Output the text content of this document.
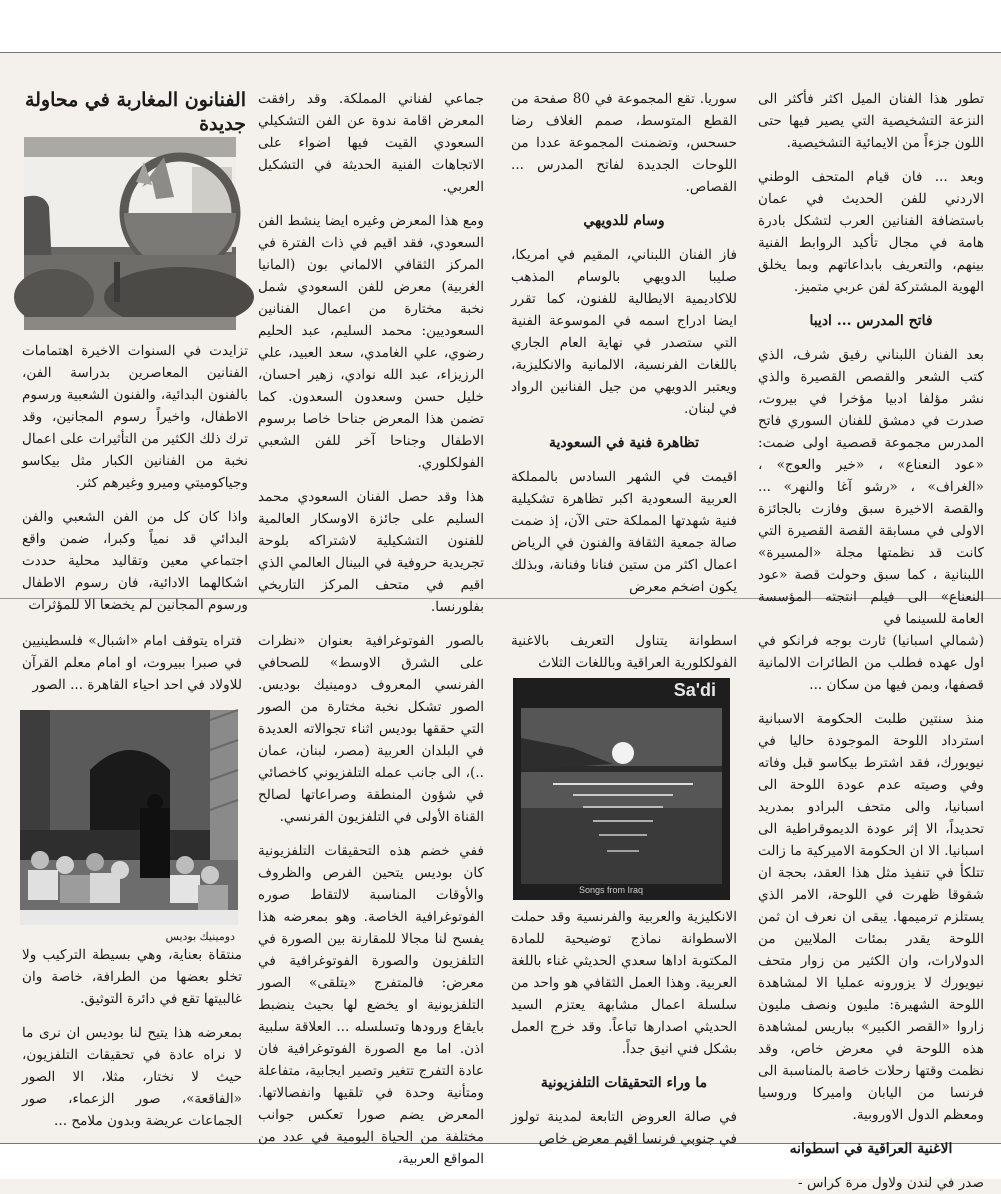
تطور هذا الفنان الميل اكثر فأكثر الى النزعة التشخيصية التي يصير فيها حتى اللون جزءاً من الايمائية التشخيصية.

وبعد ... فان قيام المتحف الوطني الاردني للفن الحديث في عمان باستضافة الفنانين العرب لتشكل بادرة هامة في مجال تأكيد الروابط الفنية بينهم، والتعريف بابداعاتهم وبما يخلق الهوية المشتركة لفن عربي متميز.

فاتح المدرس ... اديبا

بعد الفنان اللبناني رفيق شرف، الذي كتب الشعر والقصص القصيرة والذي نشر مؤلفا ادبيا مؤخرا في بيروت، صدرت في دمشق للفنان السوري فاتح المدرس مجموعة قصصية اولى ضمت: «عود النعناع» ، «خير والعوج» ، «الغراف» ، «رشو آغا والنهر» ... والقصة الاخيرة سبق وفازت بالجائزة الاولى في مسابقة القصة القصيرة التي كانت قد نظمتها مجلة «المسيرة» اللبنانية ، كما سبق وحولت قصة «عود النعناع» الى فيلم انتجته المؤسسة العامة للسينما في

سوريا. تقع المجموعة في 80 صفحة من القطع المتوسط، صمم الغلاف رضا حسحس، وتضمنت المجموعة عددا من اللوحات الجديدة لفاتح المدرس ... القصاص.

وسام للدويهي

فاز الفنان اللبناني، المقيم في امريكا، صليبا الدويهي بالوسام المذهب للاكاديمية الايطالية للفنون، كما تقرر ايضا ادراج اسمه في الموسوعة الفنية التي ستصدر في نهاية العام الجاري باللغات الفرنسية، الالمانية والانكليزية، ويعتبر الدويهي من جيل الفنانين الرواد في لبنان.

تظاهرة فنية في السعودية

اقيمت في الشهر السادس بالمملكة العربية السعودية اكبر تظاهرة تشكيلية فنية شهدتها المملكة حتى الآن، إذ ضمت صالة جمعية الثقافة والفنون في الرياض اعمال اكثر من ستين فنانا وفنانة، وبذلك يكون اضخم معرض

جماعي لفناني المملكة. وقد رافقت المعرض اقامة ندوة عن الفن التشكيلي السعودي القيت فيها اضواء على الاتجاهات الفنية الحديثة في التشكيل العربي.

ومع هذا المعرض وغيره ايضا ينشط الفن السعودي، فقد اقيم في ذات الفترة في المركز الثقافي الالماني بون (المانيا الغربية) معرض للفن السعودي شمل نخبة مختارة من اعمال الفنانين السعوديين: محمد السليم، عبد الحليم رضوي، علي الغامدي، سعد العبيد، علي الرزيزاء، عبد الله نوادي، زهير احسان، خليل حسن وسعدون السعدون. كما تضمن هذا المعرض جناحا خاصا برسوم الاطفال وجناحا آخر للفن الشعبي الفولكلوري.

هذا وقد حصل الفنان السعودي محمد السليم على جائزة الاوسكار العالمية للفنون التشكيلية لاشتراكه بلوحة تجريدية حروفية في البينال العالمي الذي اقيم في متحف المركز التاريخي بفلورنسا.

الفنانون المغاربة في محاولة جديدة

تزايدت في السنوات الاخيرة اهتمامات الفنانين المعاصرين بدراسة الفن، بالفنون البدائية، والفنون الشعبية ورسوم الاطفال، واخيراً رسوم المجانين، وقد ترك ذلك الكثير من التأثيرات على اعمال نخبة من الفنانين الكبار مثل بيكاسو وجياكوميتي وميرو وغيرهم كثر.

واذا كان كل من الفن الشعبي والفن البدائي قد نمياً وكبرا، ضمن واقع اجتماعي معين وتقاليد محلية حددت اشكالهما الادائية، فان رسوم الاطفال ورسوم المجانين لم يخضعا الا للمؤثرات

(شمالي اسبانيا) ثارت بوجه فرانكو في اول عهده فطلب من الطائرات الالمانية قصفها، وبمن فيها من سكان ...

منذ سنتين طلبت الحكومة الاسبانية استرداد اللوحة الموجودة حاليا في نيويورك، فقد اشترط بيكاسو قبل وفاته وفي وصيته عدم عودة اللوحة الى اسبانيا، والى متحف البرادو بمدريد تحديداً، الا إثر عودة الديموقراطية الى اسبانيا. الا ان الحكومة الاميركية ما زالت تتلكأ في تنفيذ مثل هذا العقد، بحجة ان شقوقا ظهرت في اللوحة، الامر الذي يستلزم ترميمها. يبقى ان نعرف ان ثمن اللوحة يقدر بمئات الملايين من الدولارات، وان الكثير من زوار متحف نيويورك لا يزورونه عمليا الا لمشاهدة اللوحة الشهيرة: مليون ونصف مليون زاروا «القصر الكبير» بباريس لمشاهدة هذه اللوحة في معرض خاص، وقد نظمت وقتها رحلات خاصة بالمناسبة الى فرنسا من اليابان واميركا وروسيا ومعظم الدول الاوروبية.

الاغنية العراقية في اسطوانه

صدر في لندن ولاول مرة كراس -

اسطوانة يتناول التعريف بالاغنية الفولكلورية العراقية وباللغات الثلاث

Sa'di
Songs from Iraq

الانكليزية والعربية والفرنسية وقد حملت الاسطوانة نماذج توضيحية للمادة المكتوبة اداها سعدي الحديثي غناء باللغة العربية. وهذا العمل الثقافي هو واحد من سلسلة اعمال مشابهة يعتزم السيد الحديثي اصدارها تباعاً. وقد خرج العمل بشكل فني انيق جداً.

ما وراء التحقيقات التلفزيونية

في صالة العروض التابعة لمدينة تولوز في جنوبي فرنسا اقيم معرض خاص

بالصور الفوتوغرافية بعنوان «نظرات على الشرق الاوسط» للصحافي الفرنسي المعروف دومينيك بوديس. الصور تشكل نخبة مختارة من الصور التي حققها بوديس اثناء تجوالاته العديدة في البلدان العربية (مصر، لبنان، عمان ..)، الى جانب عمله التلفزيوني كاخصائي في شؤون المنطقة وصراعاتها لصالح القناة الأولى في التلفزيون الفرنسي.

ففي خضم هذه التحقيقات التلفزيونية كان بوديس يتحين الفرص والظروف والأوقات المناسبة لالتقاط صوره الفوتوغرافية الخاصة. وهو بمعرضه هذا يفسح لنا مجالا للمقارنة بين الصورة في التلفزيون والصورة الفوتوغرافية في معرض: فالمتفرج «يتلقى» الصور التلفزيونية او يخضع لها بحيث ينضبط بايقاع ورودها وتسلسله ... العلاقة سلبية اذن. اما مع الصورة الفوتوغرافية فان عادة التفرج تتغير وتصير ايجابية، متفاعلة ومتأنية وحدة في تلقيها وانفصالاتها. المعرض يضم صورا تعكس جوانب مختلفة من الحياة اليومية في عدد من المواقع العربية،

فتراه يتوقف امام «اشبال» فلسطينيين في صبرا ببيروت، او امام معلم القرآن للاولاد في احد احياء القاهرة ... الصور

دومينيك بوديس

منتقاة بعناية، وهي بسيطة التركيب ولا تخلو بعضها من الطرافة، خاصة وان غالبيتها تقع في دائرة التوثيق.

بمعرضه هذا يتيح لنا بوديس ان نرى ما لا نراه عادة في تحقيقات التلفزيون، حيث لا نختار، مثلا، الا الصور «الفاقعة»، صور الزعماء، صور الجماعات عريضة وبدون ملامح ...
